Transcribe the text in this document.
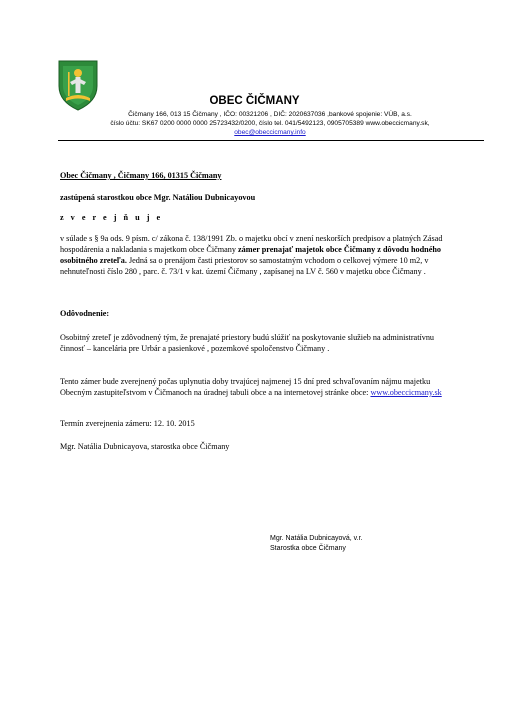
OBEC ČIČMANY
Čičmany 166, 013 15 Čičmany , IČO: 00321206 , DIČ: 2020637036 ,bankové spojenie: VÚB, a.s.
číslo účtu: SK67 0200 0000 0000 25723432/0200, číslo tel. 041/5492123, 0905705389 www.obeccicmany.sk,
obec@obeccicmany.info

Obec Čičmany , Čičmany 166, 01315 Čičmany

zastúpená starostkou obce Mgr. Natáliou Dubnicayovou

z v e r e j ň u j e

v súlade s § 9a ods. 9 písm. c/ zákona č. 138/1991 Zb. o majetku obcí v znení neskorších predpisov a platných Zásad hospodárenia a nakladania s majetkom obce Čičmany zámer prenajať majetok obce Čičmany z dôvodu hodného osobitného zreteľa. Jedná sa o prenájom časti priestorov so samostatným vchodom o celkovej výmere 10 m2, v nehnuteľnosti číslo 280 , parc. č. 73/1 v kat. území Čičmany , zapísanej na LV č. 560 v majetku obce Čičmany .

Odôvodnenie:

Osobitný zreteľ je zdôvodnený tým, že prenajaté priestory budú slúžiť na poskytovanie služieb na administratívnu činnosť – kancelária pre Urbár a pasienkové , pozemkové spoločenstvo Čičmany .

Tento zámer bude zverejnený počas uplynutia doby trvajúcej najmenej 15 dní pred schvaľovaním nájmu majetku Obecným zastupiteľstvom v Čičmanoch na úradnej tabuli obce a na internetovej stránke obce: www.obeccicmany.sk

Termín zverejnenia zámeru: 12. 10. 2015

Mgr. Natália Dubnicayova, starostka obce Čičmany

Mgr. Natália Dubnicayová, v.r.
Starostka obce Čičmany
